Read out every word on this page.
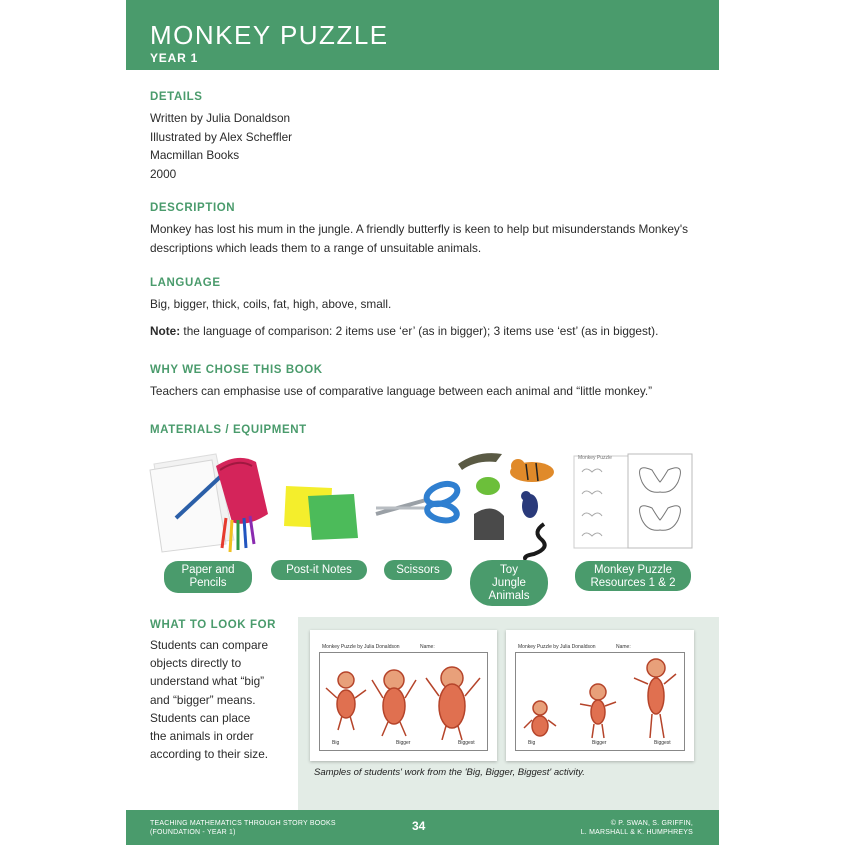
MONKEY PUZZLE
YEAR 1
DETAILS

Written by Julia Donaldson

Illustrated by Alex Scheffler

Macmillan Books

2000

DESCRIPTION

Monkey has lost his mum in the jungle. A friendly butterfly is keen to help but misunderstands Monkey's descriptions which leads them to a range of unsuitable animals.

LANGUAGE

Big, bigger, thick, coils, fat, high, above, small.

Note: the language of comparison: 2 items use ‘er’ (as in bigger); 3 items use ‘est’ (as in biggest).

WHY WE CHOSE THIS BOOK

Teachers can emphasise use of comparative language between each animal and “little monkey.”

MATERIALS / EQUIPMENT
Monkey Puzzle
Paper and
Pencils
Post-it Notes	Scissors	Toy
Jungle
Animals
Monkey Puzzle
Resources 1 & 2
WHAT TO LOOK FOR

Students can compare

objects directly to

understand what “big”

and “bigger” means.

Students can place

the animals in order

according to their size.

Monkey Puzzle by Julia Donaldson	Name:
Big	Bigger	Biggest
Monkey Puzzle by Julia Donaldson	Name:
Big	Bigger	Biggest
Samples of students' work from the 'Big, Bigger, Biggest' activity.
TEACHING MATHEMATICS THROUGH STORY BOOKS
(FOUNDATION - YEAR 1)	34	© P. SWAN, S. GRIFFIN,
L. MARSHALL & K. HUMPHREYS
